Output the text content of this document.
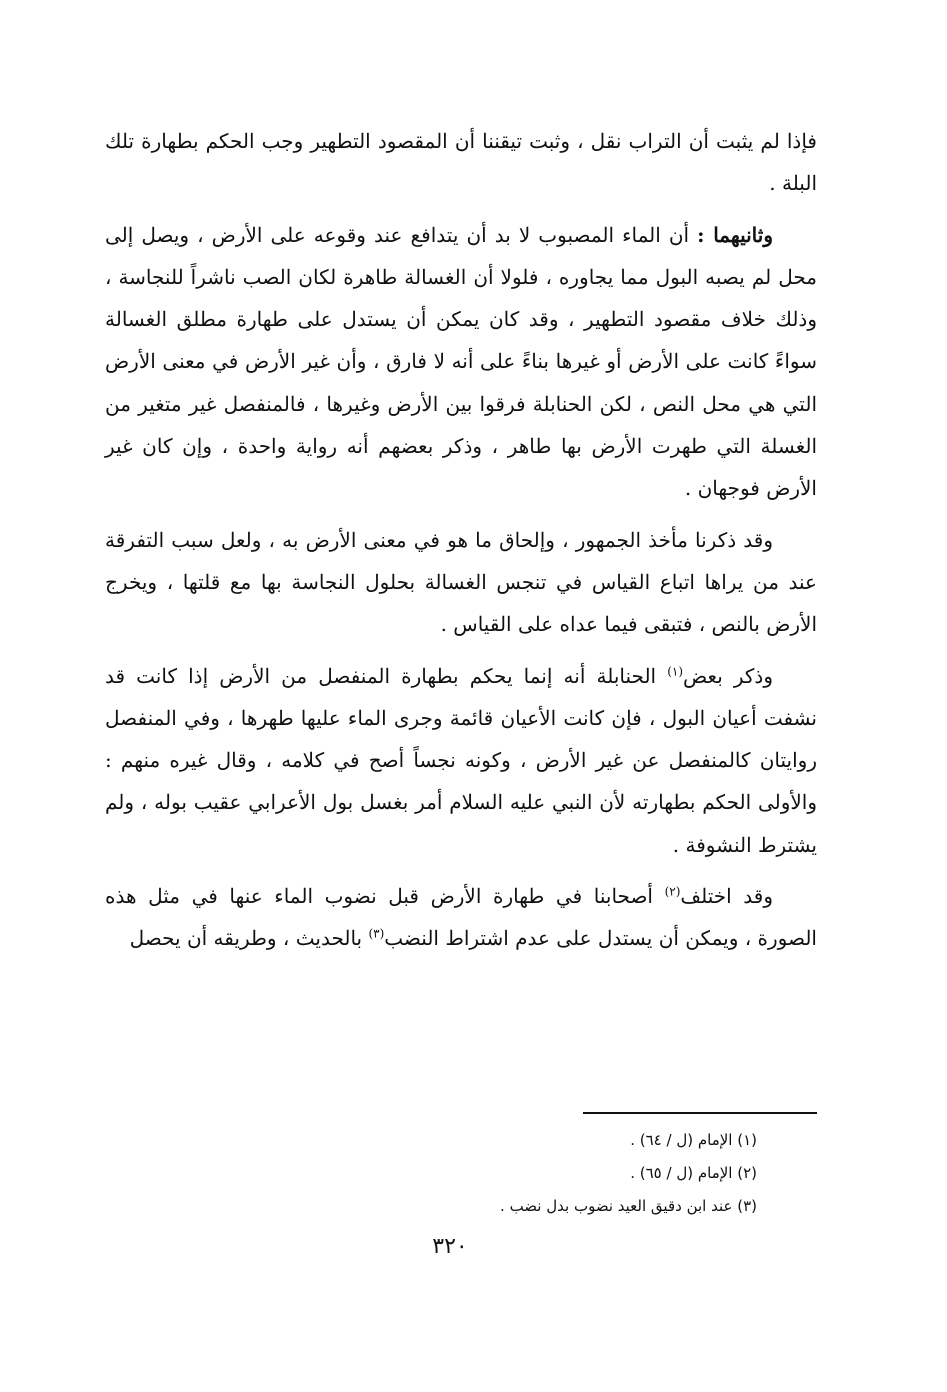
فإذا لم يثبت أن التراب نقل ، وثبت تيقننا أن المقصود التطهير وجب الحكم بطهارة تلك البلة .

وثانيهما : أن الماء المصبوب لا بد أن يتدافع عند وقوعه على الأرض ، ويصل إلى محل لم يصبه البول مما يجاوره ، فلولا أن الغسالة طاهرة لكان الصب ناشراً للنجاسة ، وذلك خلاف مقصود التطهير ، وقد كان يمكن أن يستدل على طهارة مطلق الغسالة سواءً كانت على الأرض أو غيرها بناءً على أنه لا فارق ، وأن غير الأرض في معنى الأرض التي هي محل النص ، لكن الحنابلة فرقوا بين الأرض وغيرها ، فالمنفصل غير متغير من الغسلة التي طهرت الأرض بها طاهر ، وذكر بعضهم أنه رواية واحدة ، وإن كان غير الأرض فوجهان .

وقد ذكرنا مأخذ الجمهور ، وإلحاق ما هو في معنى الأرض به ، ولعل سبب التفرقة عند من يراها اتباع القياس في تنجس الغسالة بحلول النجاسة بها مع قلتها ، ويخرج الأرض بالنص ، فتبقى فيما عداه على القياس .

وذكر بعض$^{(١)}$ الحنابلة أنه إنما يحكم بطهارة المنفصل من الأرض إذا كانت قد نشفت أعيان البول ، فإن كانت الأعيان قائمة وجرى الماء عليها طهرها ، وفي المنفصل روايتان كالمنفصل عن غير الأرض ، وكونه نجساً أصح في كلامه ، وقال غيره منهم : والأولى الحكم بطهارته لأن النبي عليه السلام أمر بغسل بول الأعرابي عقيب بوله ، ولم يشترط النشوفة .

وقد اختلف$^{(٢)}$ أصحابنا في طهارة الأرض قبل نضوب الماء عنها في مثل هذه الصورة ، ويمكن أن يستدل على عدم اشتراط النضب$^{(٣)}$ بالحديث ، وطريقه أن يحصل

(١) الإمام (ل / ٦٤) .
(٢) الإمام (ل / ٦٥) .
(٣) عند ابن دقيق العيد نضوب بدل نضب .
٣٢٠
